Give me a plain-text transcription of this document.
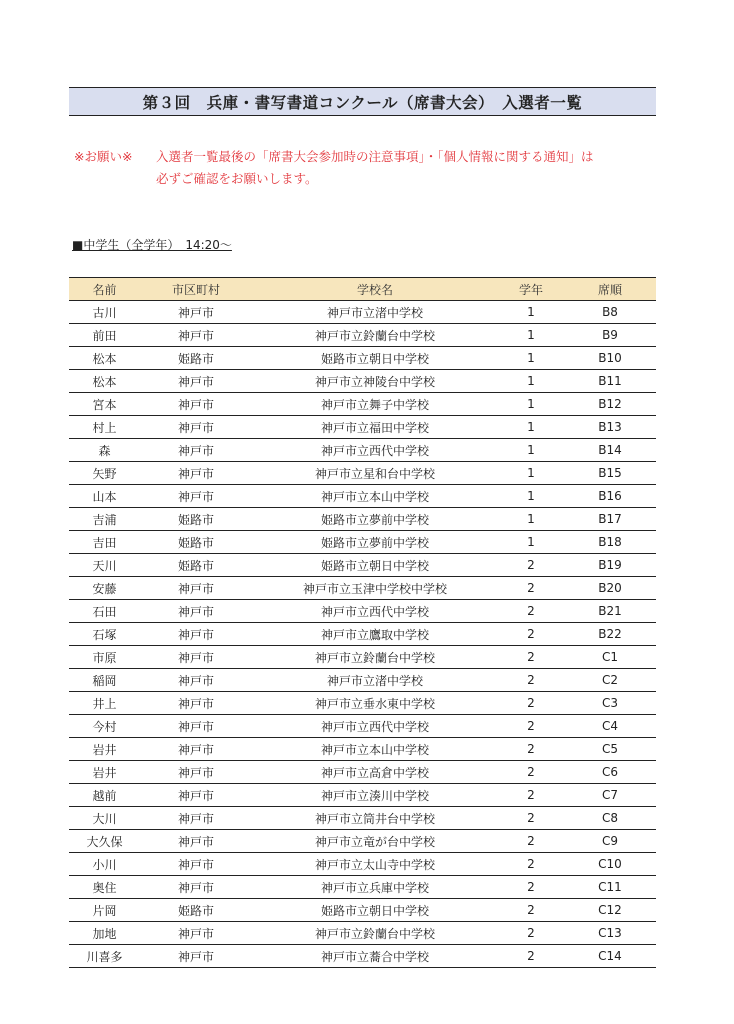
第３回　兵庫・書写書道コンクール（席書大会）　入選者一覧
※お願い※ 入選者一覧最後の「席書大会参加時の注意事項」・「個人情報に関する通知」は
必ずご確認をお願いします。
■中学生（全学年）　14:20～
名前	市区町村	学校名	学年	席順
古川	神戸市	神戸市立渚中学校	1	B8
前田	神戸市	神戸市立鈴蘭台中学校	1	B9
松本	姫路市	姫路市立朝日中学校	1	B10
松本	神戸市	神戸市立神陵台中学校	1	B11
宮本	神戸市	神戸市立舞子中学校	1	B12
村上	神戸市	神戸市立福田中学校	1	B13
森	神戸市	神戸市立西代中学校	1	B14
矢野	神戸市	神戸市立星和台中学校	1	B15
山本	神戸市	神戸市立本山中学校	1	B16
吉浦	姫路市	姫路市立夢前中学校	1	B17
吉田	姫路市	姫路市立夢前中学校	1	B18
天川	姫路市	姫路市立朝日中学校	2	B19
安藤	神戸市	神戸市立玉津中学校中学校	2	B20
石田	神戸市	神戸市立西代中学校	2	B21
石塚	神戸市	神戸市立鷹取中学校	2	B22
市原	神戸市	神戸市立鈴蘭台中学校	2	C1
稲岡	神戸市	神戸市立渚中学校	2	C2
井上	神戸市	神戸市立垂水東中学校	2	C3
今村	神戸市	神戸市立西代中学校	2	C4
岩井	神戸市	神戸市立本山中学校	2	C5
岩井	神戸市	神戸市立高倉中学校	2	C6
越前	神戸市	神戸市立湊川中学校	2	C7
大川	神戸市	神戸市立筒井台中学校	2	C8
大久保	神戸市	神戸市立竜が台中学校	2	C9
小川	神戸市	神戸市立太山寺中学校	2	C10
奥住	神戸市	神戸市立兵庫中学校	2	C11
片岡	姫路市	姫路市立朝日中学校	2	C12
加地	神戸市	神戸市立鈴蘭台中学校	2	C13
川喜多	神戸市	神戸市立蕎合中学校	2	C14
